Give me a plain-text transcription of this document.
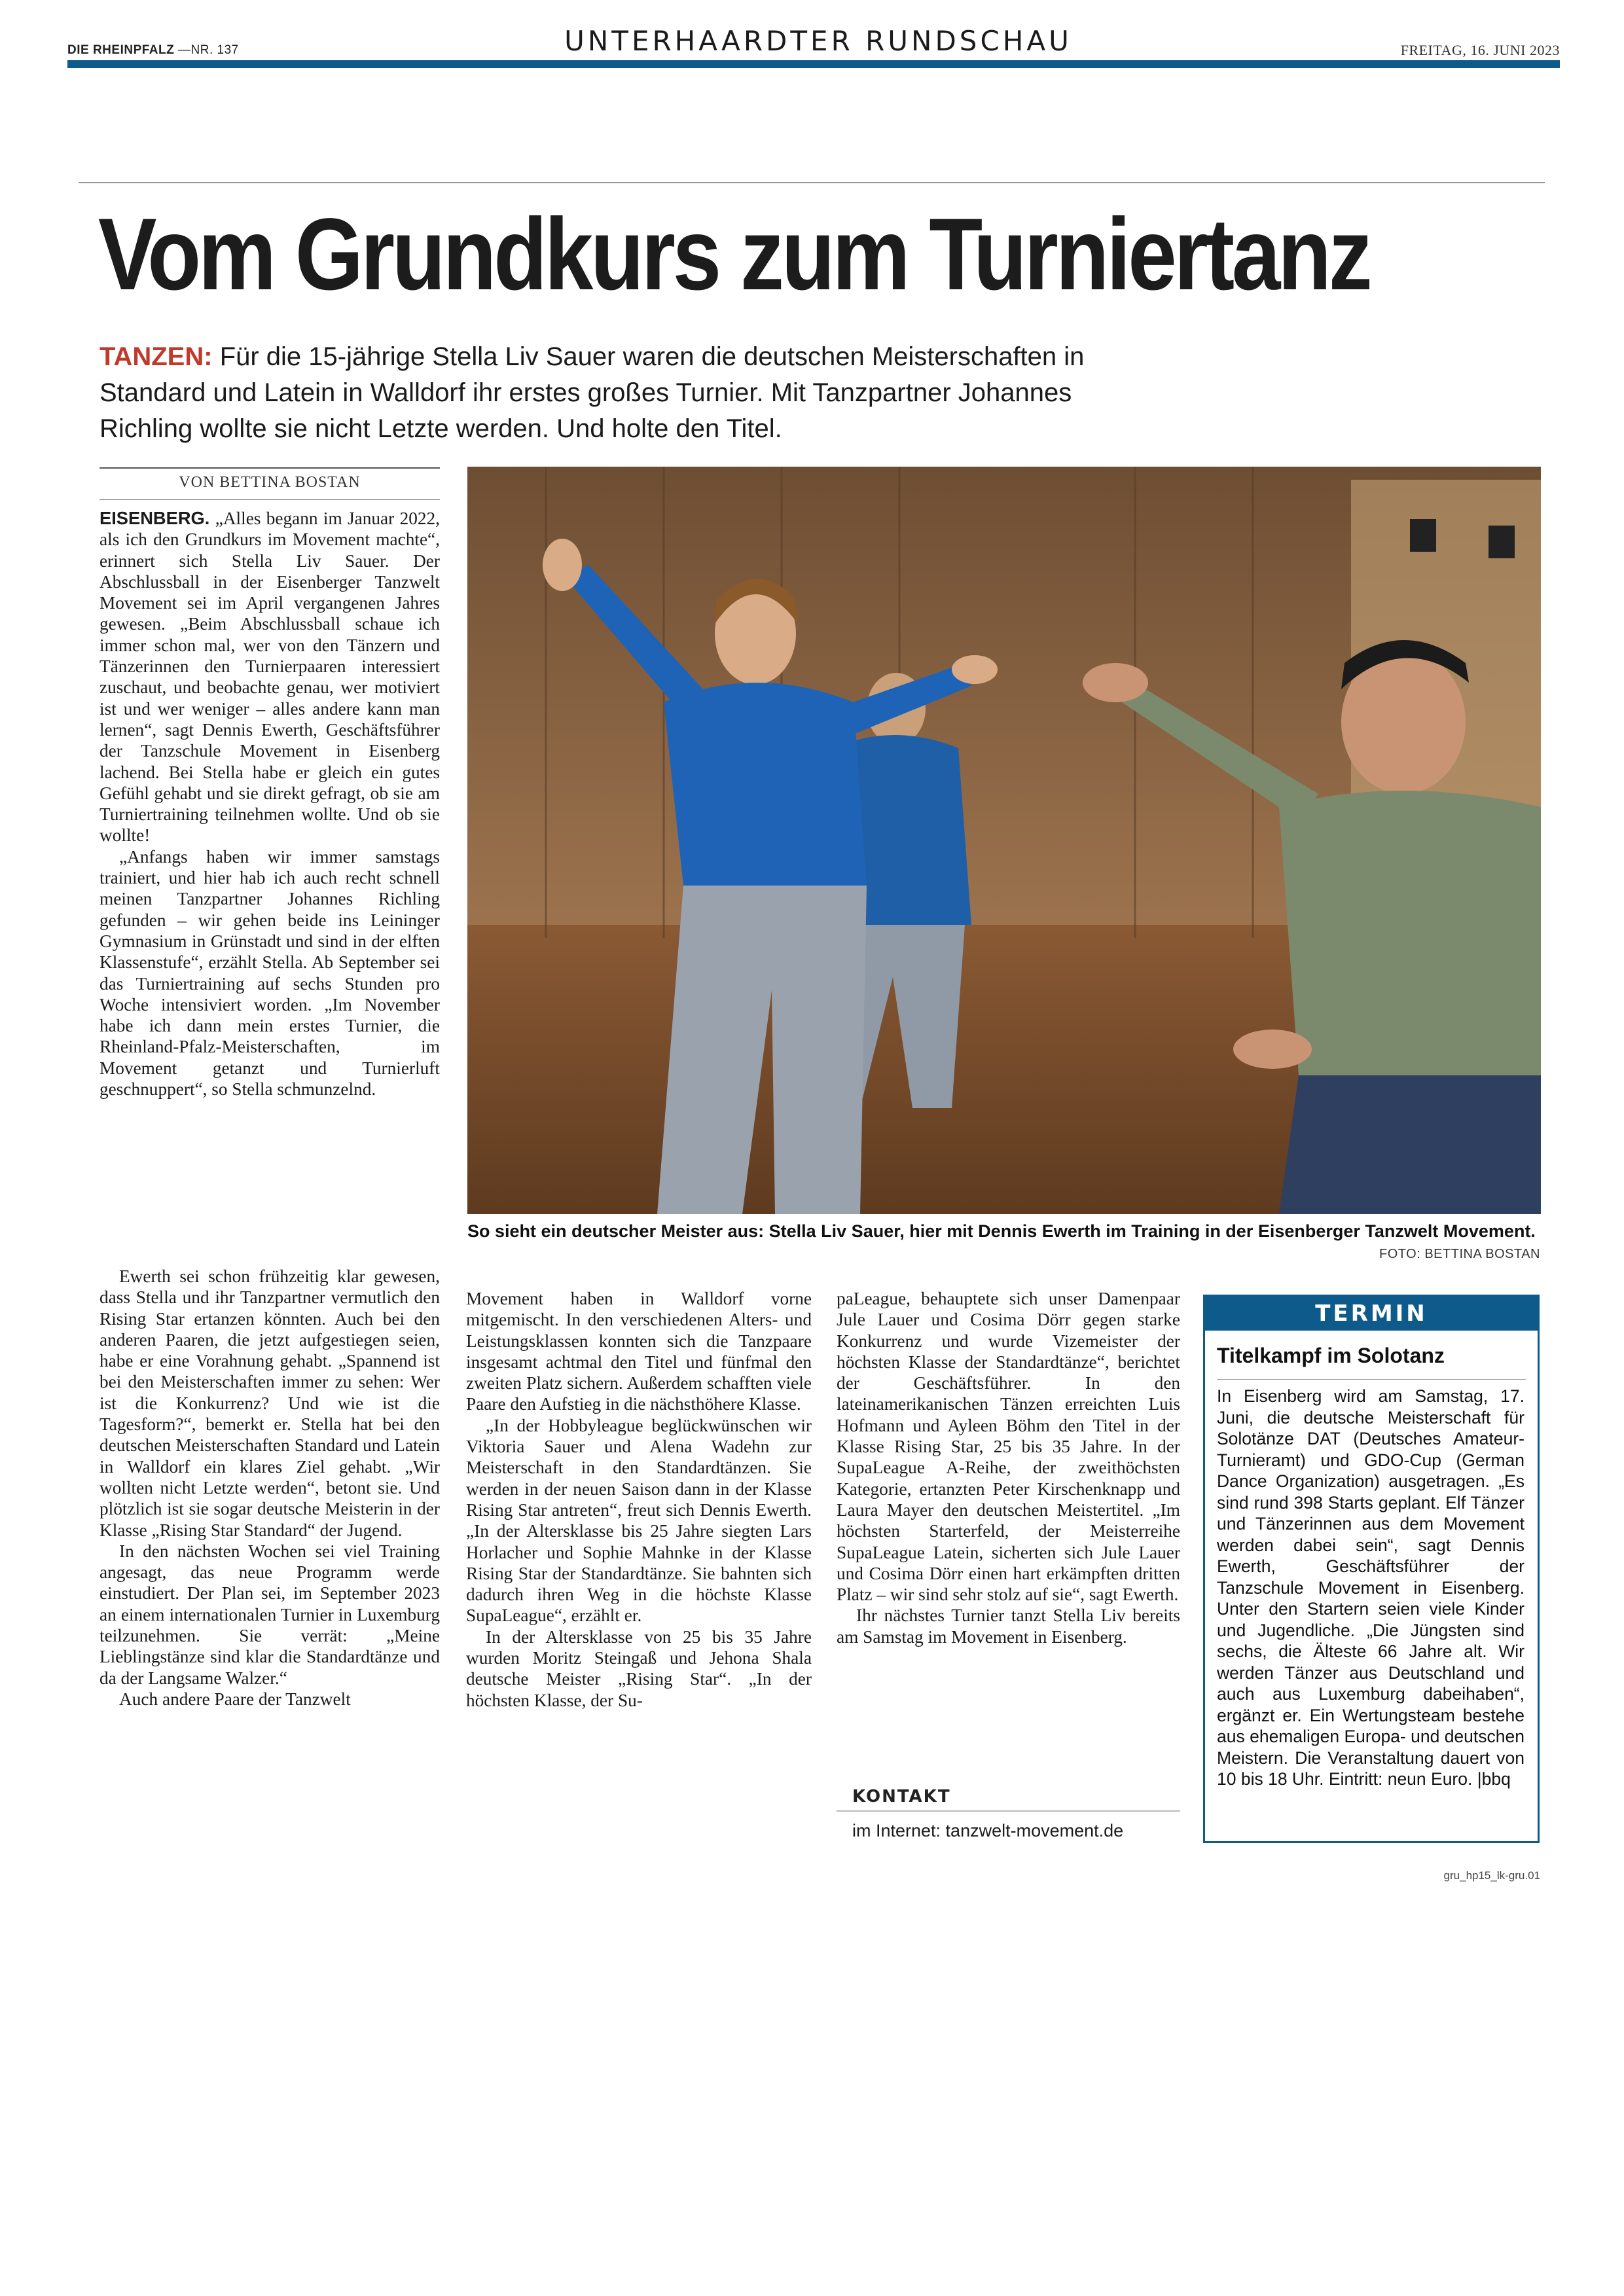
DIE RHEINPFALZ —NR. 137	UNTERHAARDTER RUNDSCHAU	FREITAG, 16. JUNI 2023
Vom Grundkurs zum Turniertanz
TANZEN: Für die 15-jährige Stella Liv Sauer waren die deutschen Meisterschaften in Standard und Latein in Walldorf ihr erstes großes Turnier. Mit Tanzpartner Johannes Richling wollte sie nicht Letzte werden. Und holte den Titel.
VON BETTINA BOSTAN

EISENBERG. „Alles begann im Januar 2022, als ich den Grundkurs im Movement machte“, erinnert sich Stella Liv Sauer. Der Abschlussball in der Eisenberger Tanzwelt Movement sei im April vergangenen Jahres gewesen. „Beim Abschlussball schaue ich immer schon mal, wer von den Tänzern und Tänzerinnen den Turnierpaaren interessiert zuschaut, und beobachte genau, wer motiviert ist und wer weniger – alles andere kann man lernen“, sagt Dennis Ewerth, Geschäftsführer der Tanzschule Movement in Eisenberg lachend. Bei Stella habe er gleich ein gutes Gefühl gehabt und sie direkt gefragt, ob sie am Turniertraining teilnehmen wollte. Und ob sie wollte!

„Anfangs haben wir immer samstags trainiert, und hier hab ich auch recht schnell meinen Tanzpartner Johannes Richling gefunden – wir gehen beide ins Leininger Gymnasium in Grünstadt und sind in der elften Klassenstufe“, erzählt Stella. Ab September sei das Turniertraining auf sechs Stunden pro Woche intensiviert worden. „Im November habe ich dann mein erstes Turnier, die Rheinland-Pfalz-Meisterschaften, im Movement getanzt und Turnierluft geschnuppert“, so Stella schmunzelnd.

Ewerth sei schon frühzeitig klar gewesen, dass Stella und ihr Tanzpartner vermutlich den Rising Star ertanzen könnten. Auch bei den anderen Paaren, die jetzt aufgestiegen seien, habe er eine Vorahnung gehabt. „Spannend ist bei den Meisterschaften immer zu sehen: Wer ist die Konkurrenz? Und wie ist die Tagesform?“, bemerkt er. Stella hat bei den deutschen Meisterschaften Standard und Latein in Walldorf ein klares Ziel gehabt. „Wir wollten nicht Letzte werden“, betont sie. Und plötzlich ist sie sogar deutsche Meisterin in der Klasse „Rising Star Standard“ der Jugend.

In den nächsten Wochen sei viel Training angesagt, das neue Programm werde einstudiert. Der Plan sei, im September 2023 an einem internationalen Turnier in Luxemburg teilzunehmen. Sie verrät: „Meine Lieblingstänze sind klar die Standardtänze und da der Langsame Walzer.“

Auch andere Paare der Tanzwelt

So sieht ein deutscher Meister aus: Stella Liv Sauer, hier mit Dennis Ewerth im Training in der Eisenberger Tanzwelt Movement.
FOTO: BETTINA BOSTAN

Movement haben in Walldorf vorne mitgemischt. In den verschiedenen Alters- und Leistungsklassen konnten sich die Tanzpaare insgesamt achtmal den Titel und fünfmal den zweiten Platz sichern. Außerdem schafften viele Paare den Aufstieg in die nächsthöhere Klasse.

„In der Hobbyleague beglückwünschen wir Viktoria Sauer und Alena Wadehn zur Meisterschaft in den Standardtänzen. Sie werden in der neuen Saison dann in der Klasse Rising Star antreten“, freut sich Dennis Ewerth. „In der Altersklasse bis 25 Jahre siegten Lars Horlacher und Sophie Mahnke in der Klasse Rising Star der Standardtänze. Sie bahnten sich dadurch ihren Weg in die höchste Klasse SupaLeague“, erzählt er.

In der Altersklasse von 25 bis 35 Jahre wurden Moritz Steingaß und Jehona Shala deutsche Meister „Rising Star“. „In der höchsten Klasse, der Su-

paLeague, behauptete sich unser Damenpaar Jule Lauer und Cosima Dörr gegen starke Konkurrenz und wurde Vizemeister der höchsten Klasse der Standardtänze“, berichtet der Geschäftsführer. In den lateinamerikanischen Tänzen erreichten Luis Hofmann und Ayleen Böhm den Titel in der Klasse Rising Star, 25 bis 35 Jahre. In der SupaLeague A-Reihe, der zweithöchsten Kategorie, ertanzten Peter Kirschenknapp und Laura Mayer den deutschen Meistertitel. „Im höchsten Starterfeld, der Meisterreihe SupaLeague Latein, sicherten sich Jule Lauer und Cosima Dörr einen hart erkämpften dritten Platz – wir sind sehr stolz auf sie“, sagt Ewerth.

Ihr nächstes Turnier tanzt Stella Liv bereits am Samstag im Movement in Eisenberg.

KONTAKT
im Internet: tanzwelt-movement.de
TERMIN
Titelkampf im Solotanz
In Eisenberg wird am Samstag, 17. Juni, die deutsche Meisterschaft für Solotänze DAT (Deutsches Amateur-Turnieramt) und GDO-Cup (German Dance Organization) ausgetragen. „Es sind rund 398 Starts geplant. Elf Tänzer und Tänzerinnen aus dem Movement werden dabei sein“, sagt Dennis Ewerth, Geschäftsführer der Tanzschule Movement in Eisenberg. Unter den Startern seien viele Kinder und Jugendliche. „Die Jüngsten sind sechs, die Älteste 66 Jahre alt. Wir werden Tänzer aus Deutschland und auch aus Luxemburg dabeihaben“, ergänzt er. Ein Wertungsteam bestehe aus ehemaligen Europa- und deutschen Meistern. Die Veranstaltung dauert von 10 bis 18 Uhr. Eintritt: neun Euro. |bbq
gru_hp15_lk-gru.01
